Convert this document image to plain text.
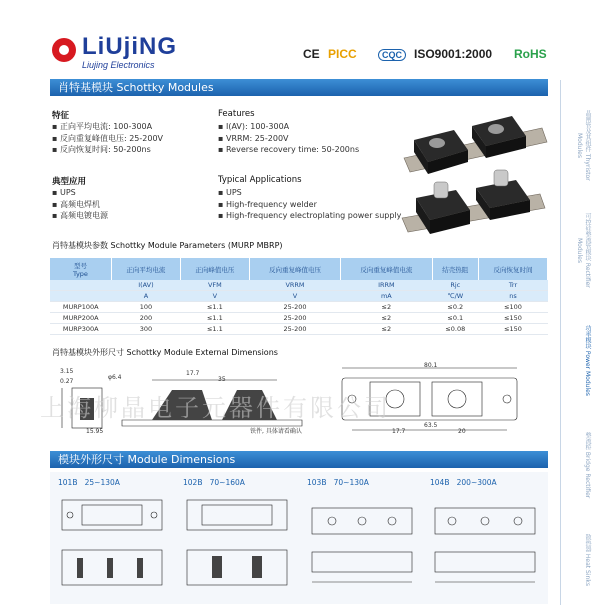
LiUjiNG
Liujing Electronics
CE PICC	CQC	ISO9001:2000 RoHS
肖特基模块 Schottky Modules
特征
▪ 正向平均电流: 100-300A
▪ 反向重复峰值电压: 25-200V
▪ 反向恢复时间: 50-200ns
Features
▪ I(AV): 100-300A
▪ VRRM: 25-200V
▪ Reverse recovery time: 50-200ns
典型应用
▪ UPS
▪ 高频电焊机
▪ 高频电镀电源
Typical Applications
▪ UPS
▪ High-frequency welder
▪ High-frequency electroplating power supply
肖特基模块参数 Schottky Module Parameters (MURP MBRP)
型号
Type	正向平均电流	正向峰值电压	反向重复峰值电压	反向重复峰值电流	结壳热阻	反向恢复时间
	I(AV)	VFM	VRRM	IRRM	Rjc	Trr
	A	V	V	mA	℃/W	ns
MURP100A	100	≤1.1	25-200	≤2	≤0.2	≤100
MURP200A	200	≤1.1	25-200	≤2	≤0.1	≤150
MURP300A	300	≤1.1	25-200	≤2	≤0.08	≤150
肖特基模块外形尺寸 Schottky Module External Dimensions
3.15
0.27
φ6.4
15.95
17.7
35
80.1
63.5
17.7	20
铁件, 具体请看确认
上海柳晶电子元器件有限公司
模块外形尺寸 Module Dimensions
101B 25~130A	102B 70~160A	103B 70~130A	104B 200~300A
晶闸管及其组件 Thyristor Modules
可控硅整流管模块 Rectifier Modules
功率模块 Power Modules
整流桥 Bridge Rectifier
散热器 Heat Sinks
